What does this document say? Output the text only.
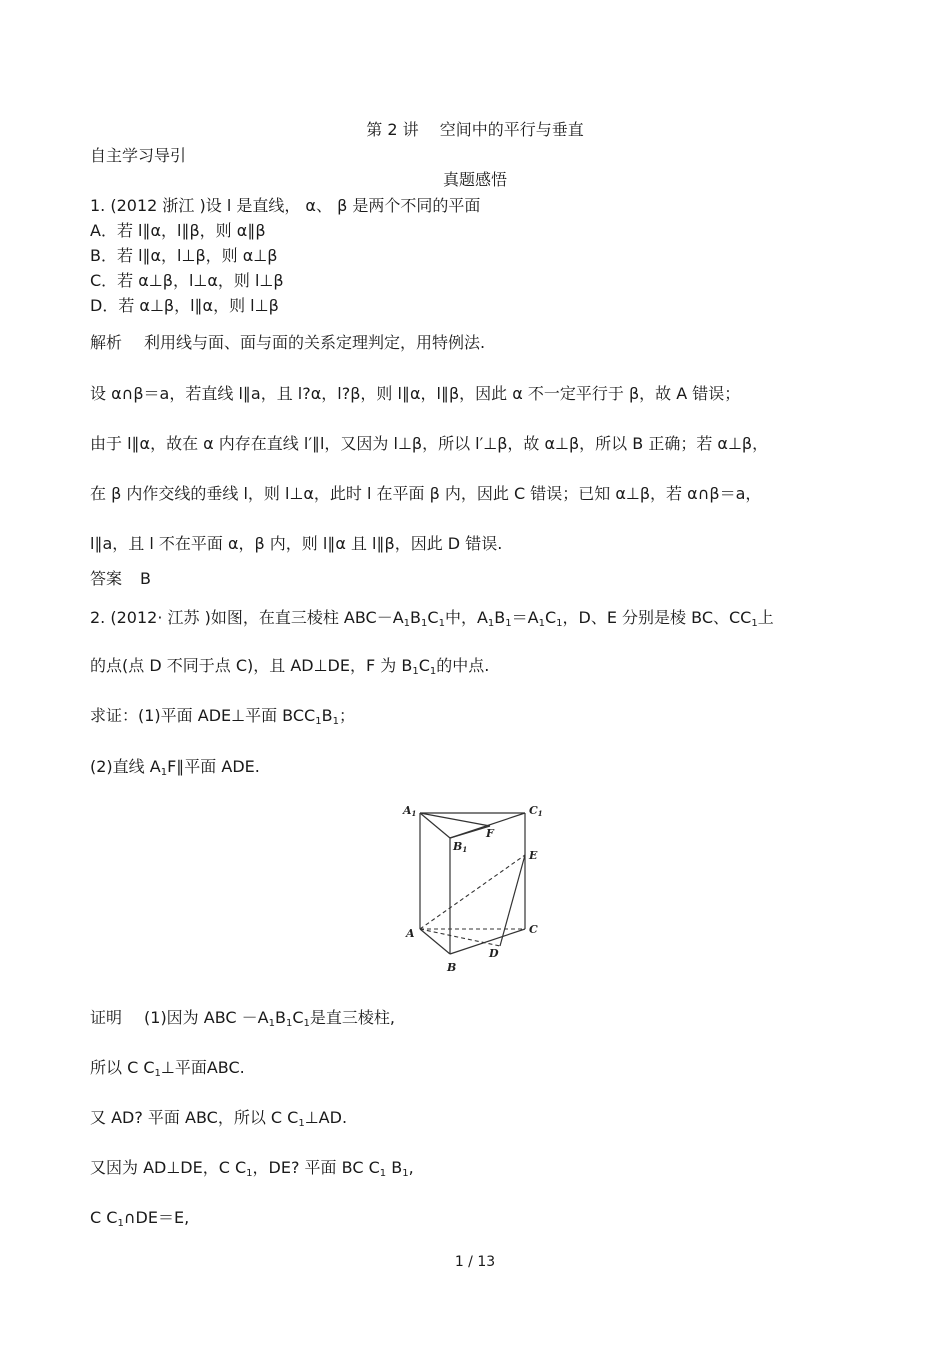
第 2 讲　 空间中的平行与垂直
自主学习导引
真题感悟
1. (2012 浙江 )设 l 是直线， α、 β 是两个不同的平面
A．若 l∥α，l∥β，则 α∥β
B．若 l∥α，l⊥β，则 α⊥β
C．若 α⊥β，l⊥α，则 l⊥β
D．若 α⊥β，l∥α，则 l⊥β
解析 利用线与面、面与面的关系定理判定，用特例法.
设 α∩β＝a，若直线 l∥a，且 l?α，l?β，则 l∥α，l∥β，因此 α 不一定平行于 β，故 A 错误；
由于 l∥α，故在 α 内存在直线 l′∥l，又因为 l⊥β，所以 l′⊥β，故 α⊥β，所以 B 正确；若 α⊥β，
在 β 内作交线的垂线 l，则 l⊥α，此时 l 在平面 β 内，因此 C 错误；已知 α⊥β，若 α∩β＝a，
l∥a，且 l 不在平面 α，β 内，则 l∥α 且 l∥β，因此 D 错误.
答案 B
2. (2012· 江苏 )如图，在直三棱柱 $ABC-A_1B_1C_1$中，$A_1B_1=A_1C_1$，D、E 分别是棱 BC、$CC_1$上
的点(点 D 不同于点 C)，且 AD⊥DE，F 为 $B_1C_1$的中点.
求证：(1)平面 ADE⊥平面 $BCC_1B_1$；
(2)直线 $A_1F\parallel$平面 ADE.
A1	C1
B1
F
E
A	C
D
B
证明 (1)因为 ABC $-A_1B_1C_1$是直三棱柱,
所以 C $C_1\perp$平面ABC.
又 AD? 平面 ABC，所以 C $C_1\perp AD$.
又因为 AD⊥DE，C $C_1$，DE? 平面 BC $C_1$ $B_1$,
C $C_1\cap DE=E$,
1 / 13
